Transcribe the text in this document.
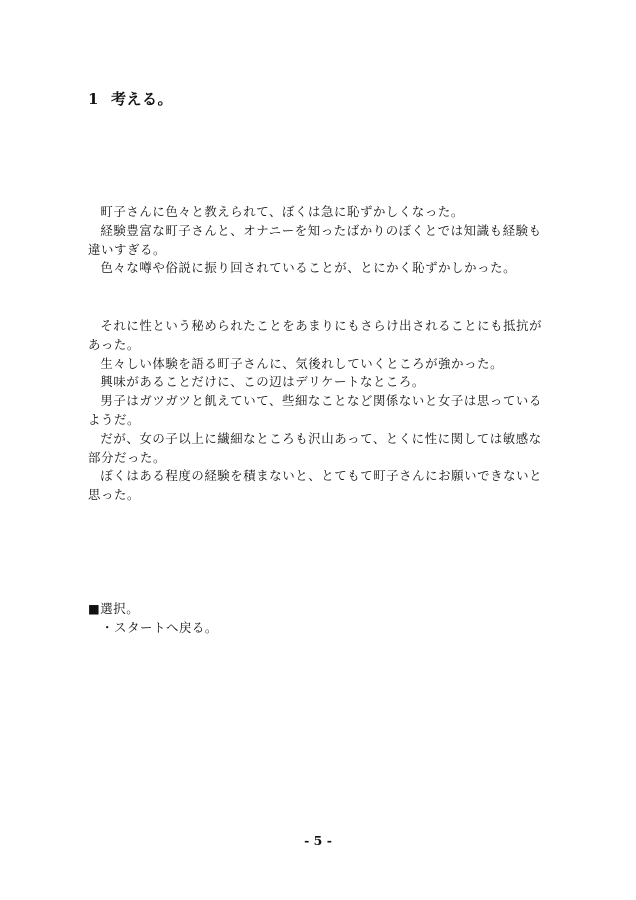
1 考える。

町子さんに色々と教えられて、ぼくは急に恥ずかしくなった。

経験豊富な町子さんと、オナニーを知ったばかりのぼくとでは知識も経験も違いすぎる。

色々な噂や俗説に振り回されていることが、とにかく恥ずかしかった。

それに性という秘められたことをあまりにもさらけ出されることにも抵抗があった。

生々しい体験を語る町子さんに、気後れしていくところが強かった。

興味があることだけに、この辺はデリケートなところ。

男子はガツガツと飢えていて、些細なことなど関係ないと女子は思っているようだ。

だが、女の子以上に繊細なところも沢山あって、とくに性に関しては敏感な部分だった。

ぼくはある程度の経験を積まないと、とてもて町子さんにお願いできないと思った。

■選択。
・スタートへ戻る。
- 5 -
